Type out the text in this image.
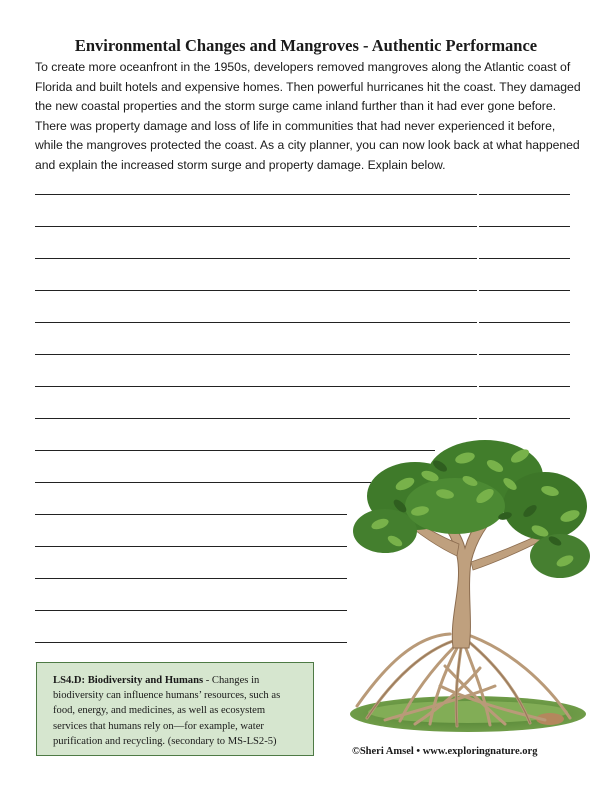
Environmental Changes and Mangroves - Authentic Performance
To create more oceanfront in the 1950s, developers removed mangroves along the Atlantic coast of Florida and built hotels and expensive homes. Then powerful hurricanes hit the coast. They damaged the new coastal properties and the storm surge came inland further than it had ever gone before. There was property damage and loss of life in communities that had never experienced it before, while the mangroves protected the coast. As a city planner, you can now look back at what happened and explain the increased storm surge and property damage. Explain below.
LS4.D: Biodiversity and Humans - Changes in biodiversity can influence humans’ resources, such as food, energy, and medicines, as well as ecosystem services that humans rely on—for example, water purification and recycling. (secondary to MS-LS2-5)
©Sheri Amsel • www.exploringnature.org
